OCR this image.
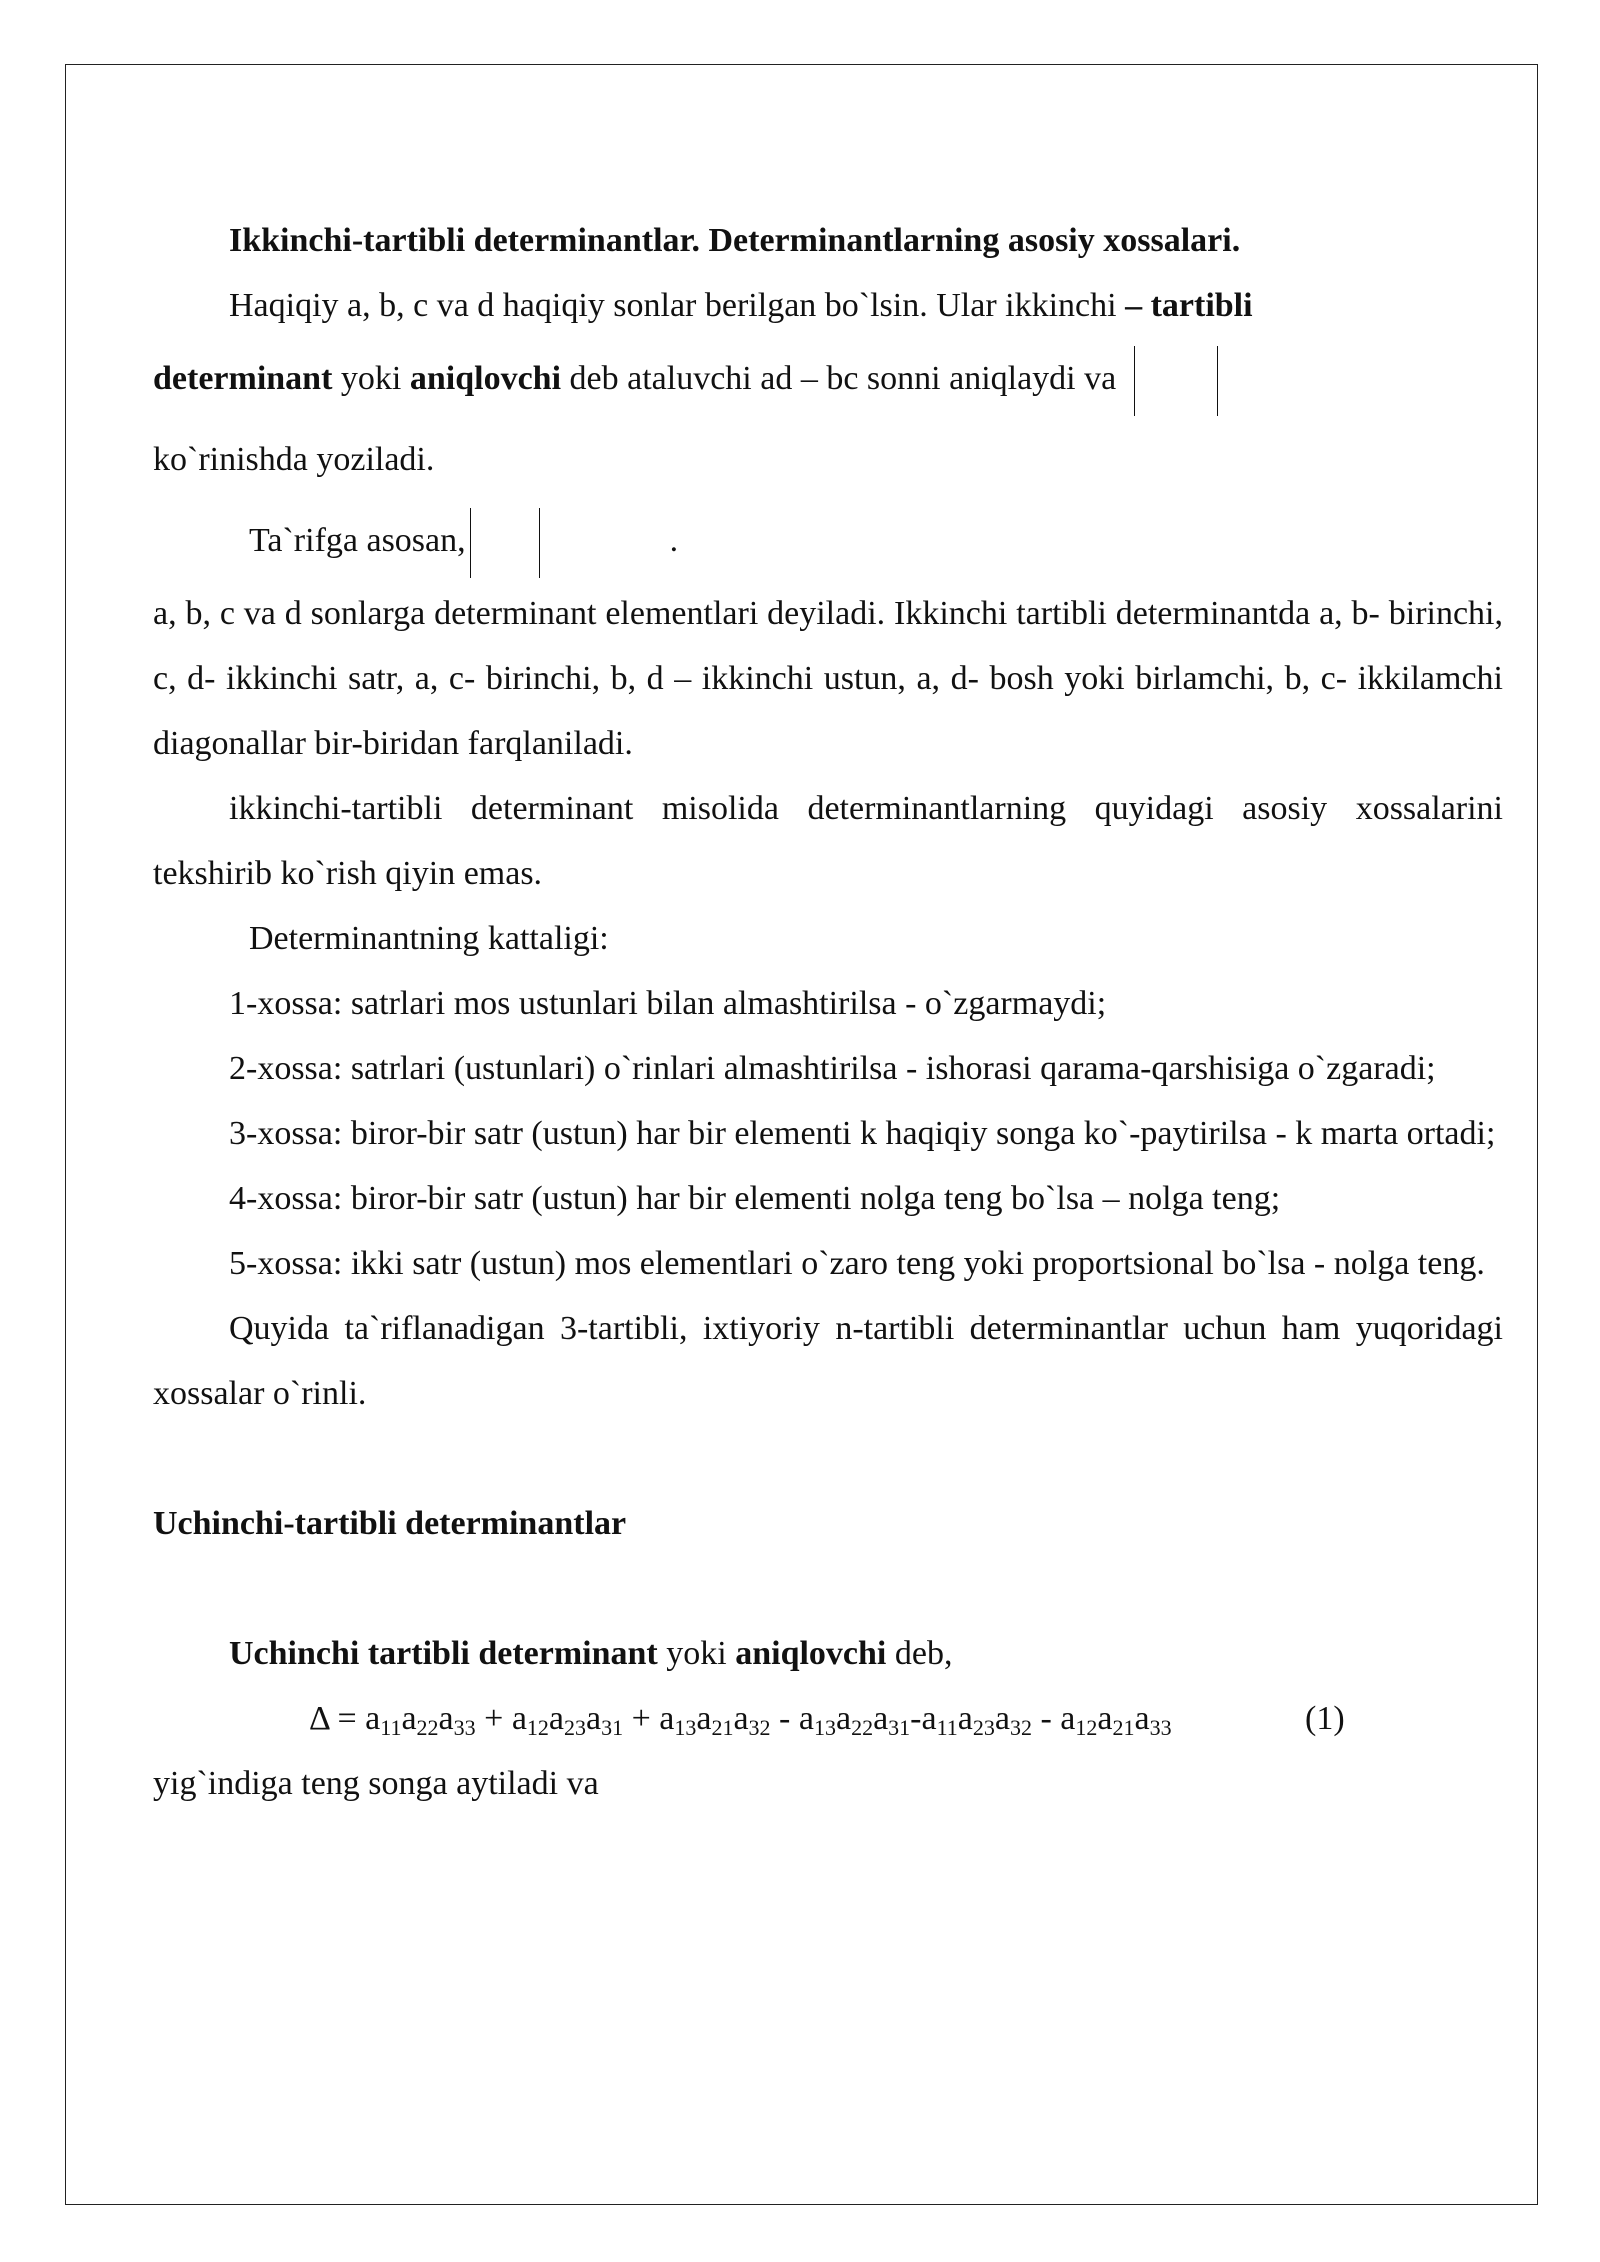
Ikkinchi-tartibli determinantlar. Determinantlarning asosiy xossalari.

Haqiqiy a, b, c va d haqiqiy sonlar berilgan bo`lsin. Ular ikkinchi – tartibli

determinant yoki aniqlovchi deb ataluvchi ad – bc sonni aniqlaydi va

ko`rinishda yoziladi.

Ta`rifga asosan,	.

a, b, c va d sonlarga determinant elementlari deyiladi. Ikkinchi tartibli determinantda a, b- birinchi, c, d- ikkinchi satr, a, c- birinchi, b, d – ikkinchi ustun, a, d- bosh yoki birlamchi, b, c- ikkilamchi diagonallar bir-biridan farqlaniladi.

ikkinchi-tartibli determinant misolida determinantlarning quyidagi asosiy xossalarini tekshirib ko`rish qiyin emas.

Determinantning kattaligi:

1-xossa: satrlari mos ustunlari bilan almashtirilsa - o`zgarmaydi;

2-xossa: satrlari (ustunlari) o`rinlari almashtirilsa - ishorasi qarama-qarshisiga o`zgaradi;

3-xossa: biror-bir satr (ustun) har bir elementi k haqiqiy songa ko`-paytirilsa - k marta ortadi;

4-xossa: biror-bir satr (ustun) har bir elementi nolga teng bo`lsa – nolga teng;

5-xossa: ikki satr (ustun) mos elementlari o`zaro teng yoki proportsional bo`lsa - nolga teng.

Quyida ta`riflanadigan 3-tartibli, ixtiyoriy n-tartibli determinantlar uchun ham yuqoridagi xossalar o`rinli.

Uchinchi-tartibli determinantlar

Uchinchi tartibli determinant yoki aniqlovchi deb,

$\Delta = a_{11}a_{22}a_{33} + a_{12}a_{23}a_{31} + a_{13}a_{21}a_{32} - a_{13}a_{22}a_{31}-a_{11}a_{23}a_{32} - a_{12}a_{21}a_{33}$	(1)

yig`indiga teng songa aytiladi va
